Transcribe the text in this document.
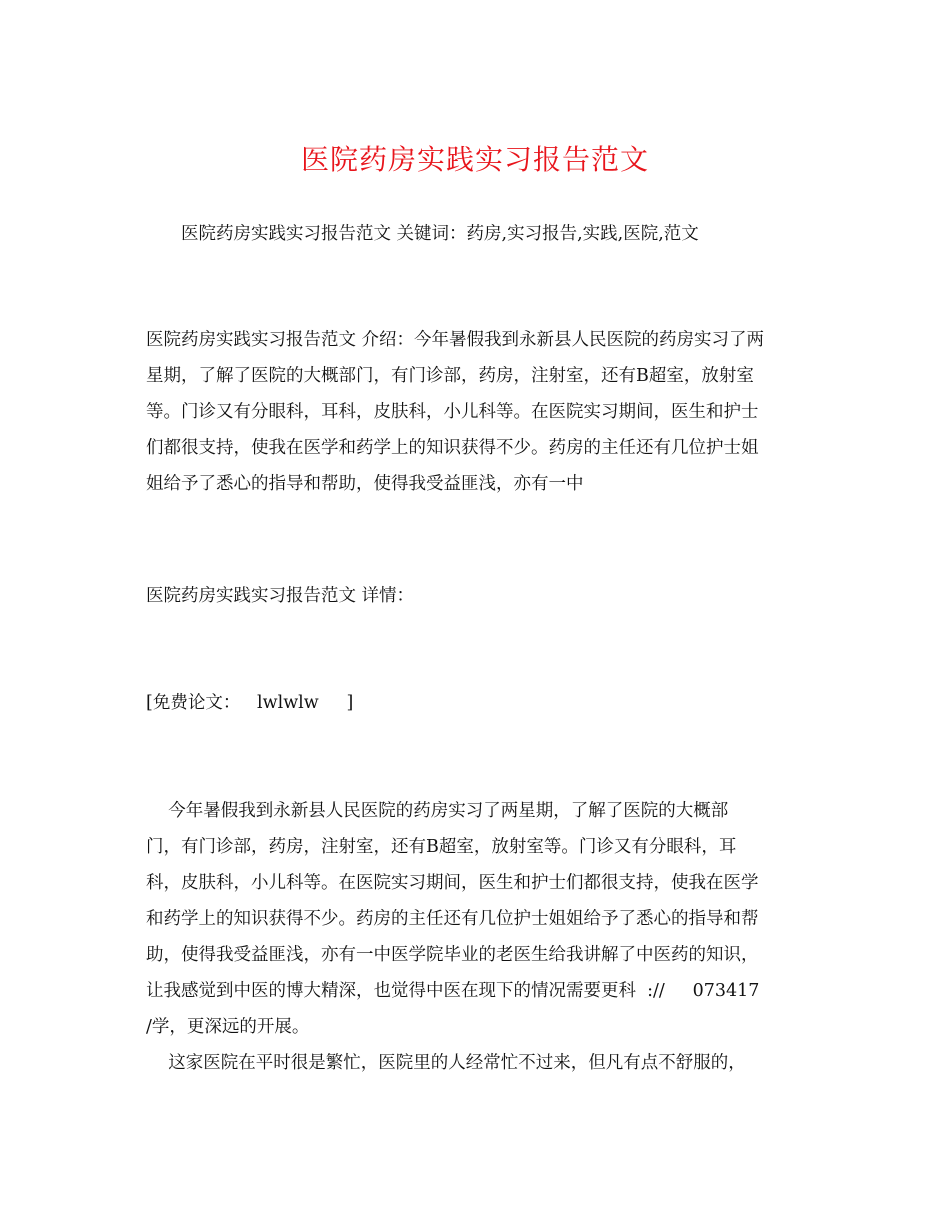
医院药房实践实习报告范文

医院药房实践实习报告范文 关键词：药房,实习报告,实践,医院,范文

医院药房实践实习报告范文 介绍：今年暑假我到永新县人民医院的药房实习了两
星期，了解了医院的大概部门，有门诊部，药房，注射室，还有B超室，放射室
等。门诊又有分眼科，耳科，皮肤科，小儿科等。在医院实习期间，医生和护士
们都很支持，使我在医学和药学上的知识获得不少。药房的主任还有几位护士姐
姐给予了悉心的指导和帮助，使得我受益匪浅，亦有一中

医院药房实践实习报告范文 详情：

[免费论文：   lwlwlw     ]

今年暑假我到永新县人民医院的药房实习了两星期，了解了医院的大概部
门，有门诊部，药房，注射室，还有B超室，放射室等。门诊又有分眼科，耳
科，皮肤科，小儿科等。在医院实习期间，医生和护士们都很支持，使我在医学
和药学上的知识获得不少。药房的主任还有几位护士姐姐给予了悉心的指导和帮
助，使得我受益匪浅，亦有一中医学院毕业的老医生给我讲解了中医药的知识，
让我感觉到中医的博大精深，也觉得中医在现下的情况需要更科  ://     073417
/学，更深远的开展。

这家医院在平时很是繁忙，医院里的人经常忙不过来，但凡有点不舒服的，
